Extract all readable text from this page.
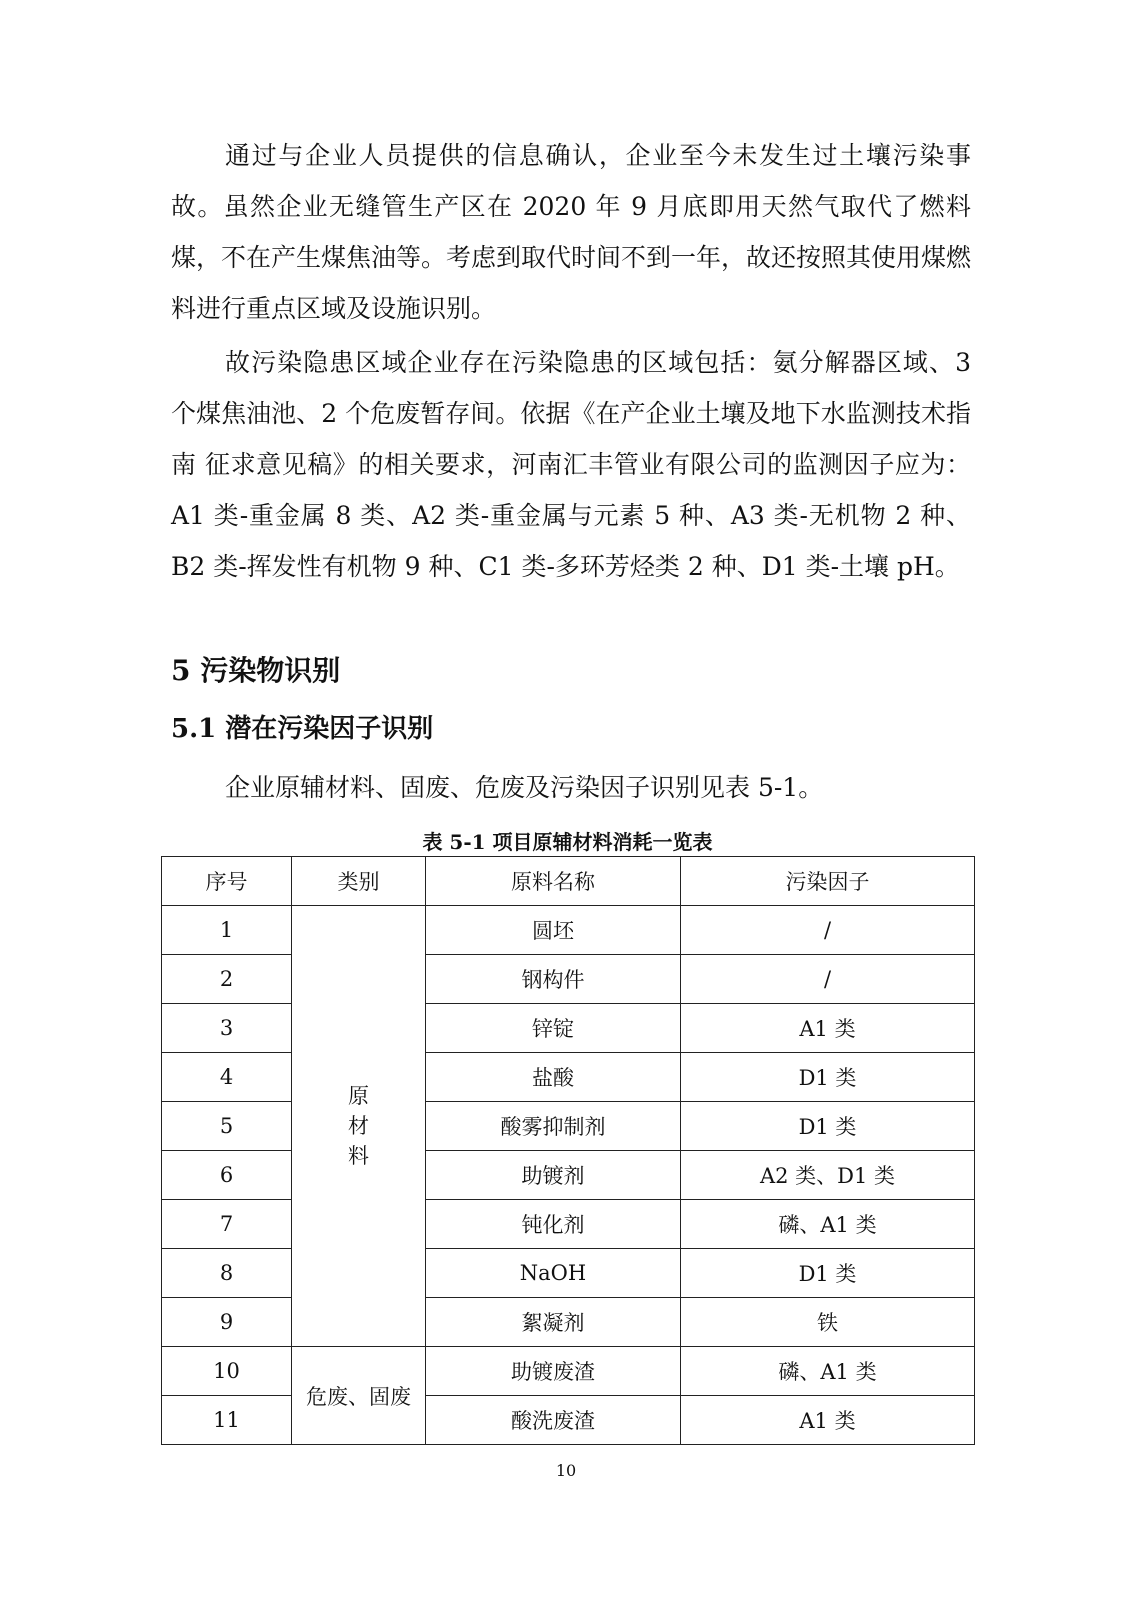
通过与企业人员提供的信息确认，企业至今未发生过土壤污染事故。虽然企业无缝管生产区在 2020 年 9 月底即用天然气取代了燃料煤，不在产生煤焦油等。考虑到取代时间不到一年，故还按照其使用煤燃料进行重点区域及设施识别。

故污染隐患区域企业存在污染隐患的区域包括：氨分解器区域、3 个煤焦油池、2 个危废暂存间。依据《在产企业土壤及地下水监测技术指南 征求意见稿》的相关要求，河南汇丰管业有限公司的监测因子应为：A1 类-重金属 8 类、A2 类-重金属与元素 5 种、A3 类-无机物 2 种、B2 类-挥发性有机物 9 种、C1 类-多环芳烃类 2 种、D1 类-土壤 pH。

5 污染物识别
5.1 潜在污染因子识别

企业原辅材料、固废、危废及污染因子识别见表 5-1。

表 5-1 项目原辅材料消耗一览表

序号	类别	原料名称	污染因子
1	原
材
料	圆坯	/
2		钢构件	/
3		锌锭	A1 类
4		盐酸	D1 类
5		酸雾抑制剂	D1 类
6		助镀剂	A2 类、D1 类
7		钝化剂	磷、A1 类
8		NaOH	D1 类
9		絮凝剂	铁
10	危废、固废	助镀废渣	磷、A1 类
11		酸洗废渣	A1 类

10
